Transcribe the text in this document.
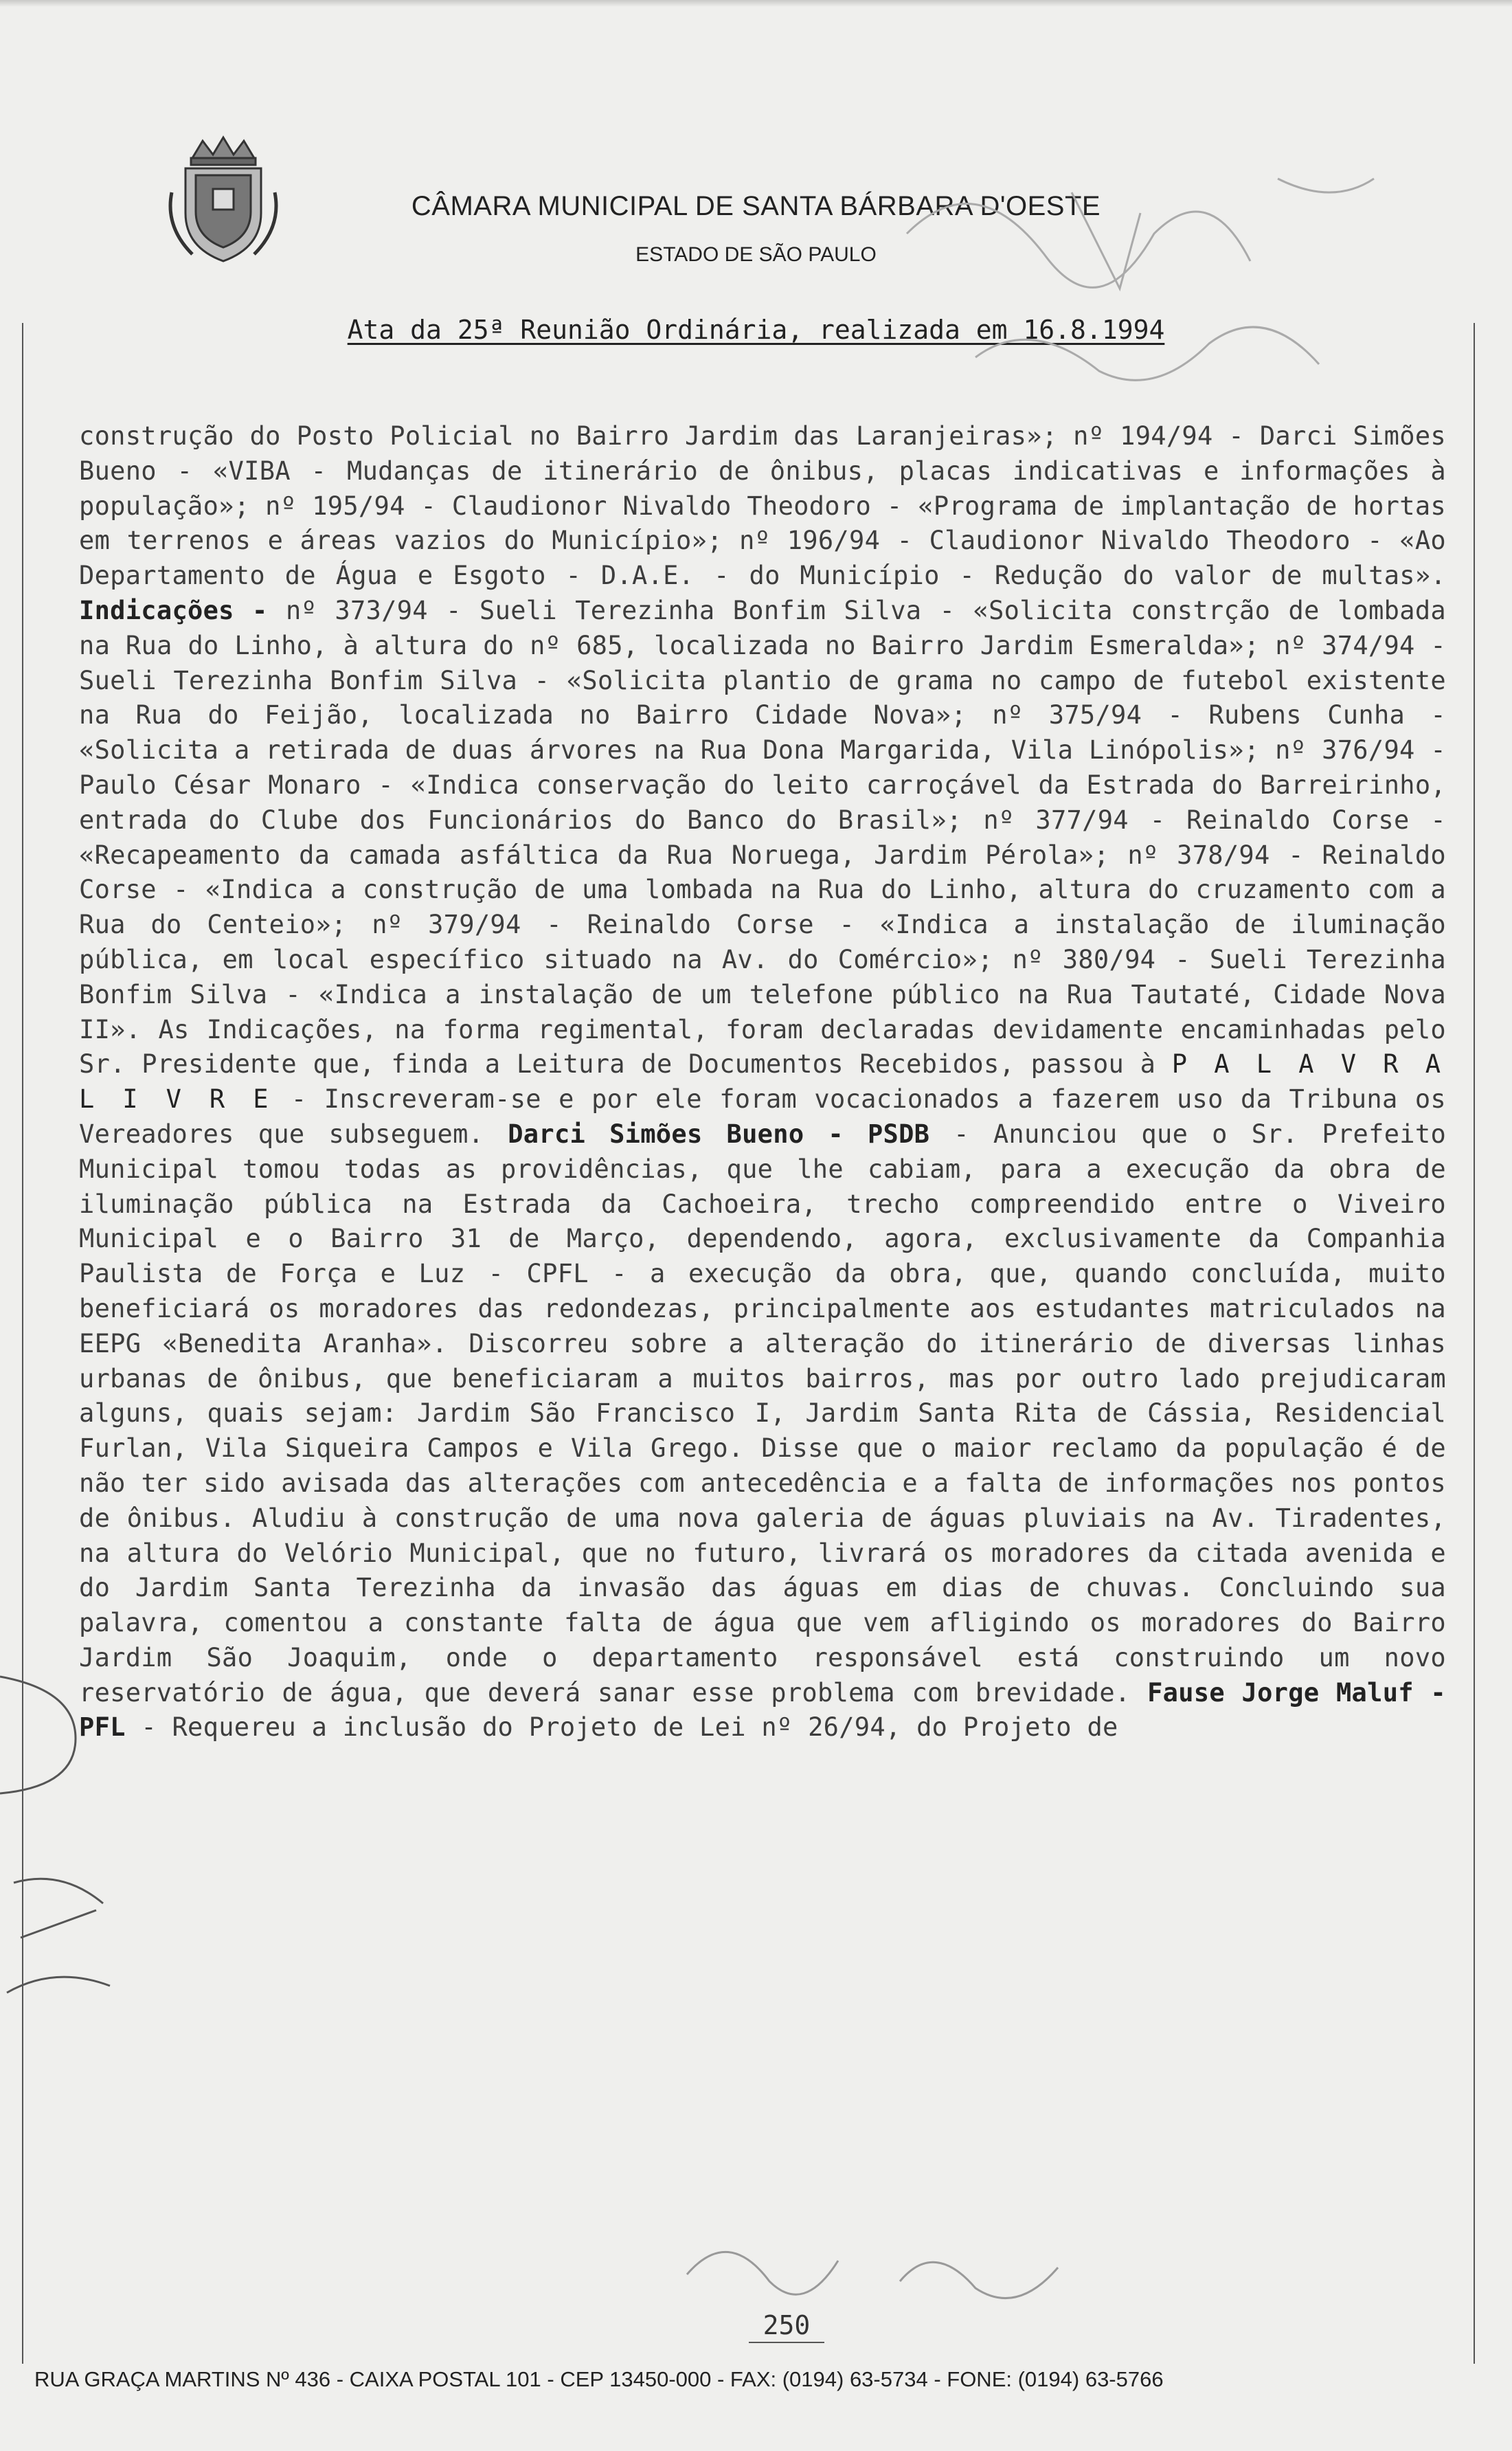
CÂMARA MUNICIPAL DE SANTA BÁRBARA D'OESTE
ESTADO DE SÃO PAULO
Ata da 25ª Reunião Ordinária, realizada em 16.8.1994
construção do Posto Policial no Bairro Jardim das Laranjeiras»; nº 194/94 - Darci Simões Bueno - «VIBA - Mudanças de itinerário de ônibus, placas indicativas e informações à população»; nº 195/94 - Claudionor Nivaldo Theodoro - «Programa de implantação de hortas em terrenos e áreas vazios do Município»; nº 196/94 - Claudionor Nivaldo Theodoro - «Ao Departamento de Água e Esgoto - D.A.E. - do Município - Redução do valor de multas». Indicações - nº 373/94 - Sueli Terezinha Bonfim Silva - «Solicita constrção de lombada na Rua do Linho, à altura do nº 685, localizada no Bairro Jardim Esmeralda»; nº 374/94 - Sueli Terezinha Bonfim Silva - «Solicita plantio de grama no campo de futebol existente na Rua do Feijão, localizada no Bairro Cidade Nova»; nº 375/94 - Rubens Cunha - «Solicita a retirada de duas árvores na Rua Dona Margarida, Vila Linópolis»; nº 376/94 - Paulo César Monaro - «Indica conservação do leito carroçável da Estrada do Barreirinho, entrada do Clube dos Funcionários do Banco do Brasil»; nº 377/94 - Reinaldo Corse - «Recapeamento da camada asfáltica da Rua Noruega, Jardim Pérola»; nº 378/94 - Reinaldo Corse - «Indica a construção de uma lombada na Rua do Linho, altura do cruzamento com a Rua do Centeio»; nº 379/94 - Reinaldo Corse - «Indica a instalação de iluminação pública, em local específico situado na Av. do Comércio»; nº 380/94 - Sueli Terezinha Bonfim Silva - «Indica a instalação de um telefone público na Rua Tautaté, Cidade Nova II». As Indicações, na forma regimental, foram declaradas devidamente encaminhadas pelo Sr. Presidente que, finda a Leitura de Documentos Recebidos, passou à P A L A V R A L I V R E - Inscreveram-se e por ele foram vocacionados a fazerem uso da Tribuna os Vereadores que subseguem. Darci Simões Bueno - PSDB - Anunciou que o Sr. Prefeito Municipal tomou todas as providências, que lhe cabiam, para a execução da obra de iluminação pública na Estrada da Cachoeira, trecho compreendido entre o Viveiro Municipal e o Bairro 31 de Março, dependendo, agora, exclusivamente da Companhia Paulista de Força e Luz - CPFL - a execução da obra, que, quando concluída, muito beneficiará os moradores das redondezas, principalmente aos estudantes matriculados na EEPG «Benedita Aranha». Discorreu sobre a alteração do itinerário de diversas linhas urbanas de ônibus, que beneficiaram a muitos bairros, mas por outro lado prejudicaram alguns, quais sejam: Jardim São Francisco I, Jardim Santa Rita de Cássia, Residencial Furlan, Vila Siqueira Campos e Vila Grego. Disse que o maior reclamo da população é de não ter sido avisada das alterações com antecedência e a falta de informações nos pontos de ônibus. Aludiu à construção de uma nova galeria de águas pluviais na Av. Tiradentes, na altura do Velório Municipal, que no futuro, livrará os moradores da citada avenida e do Jardim Santa Terezinha da invasão das águas em dias de chuvas. Concluindo sua palavra, comentou a constante falta de água que vem afligindo os moradores do Bairro Jardim São Joaquim, onde o departamento responsável está construindo um novo reservatório de água, que deverá sanar esse problema com brevidade. Fause Jorge Maluf - PFL - Requereu a inclusão do Projeto de Lei nº 26/94, do Projeto de
250
RUA GRAÇA MARTINS Nº 436 - CAIXA POSTAL 101 - CEP 13450-000 - FAX: (0194) 63-5734 - FONE: (0194) 63-5766
